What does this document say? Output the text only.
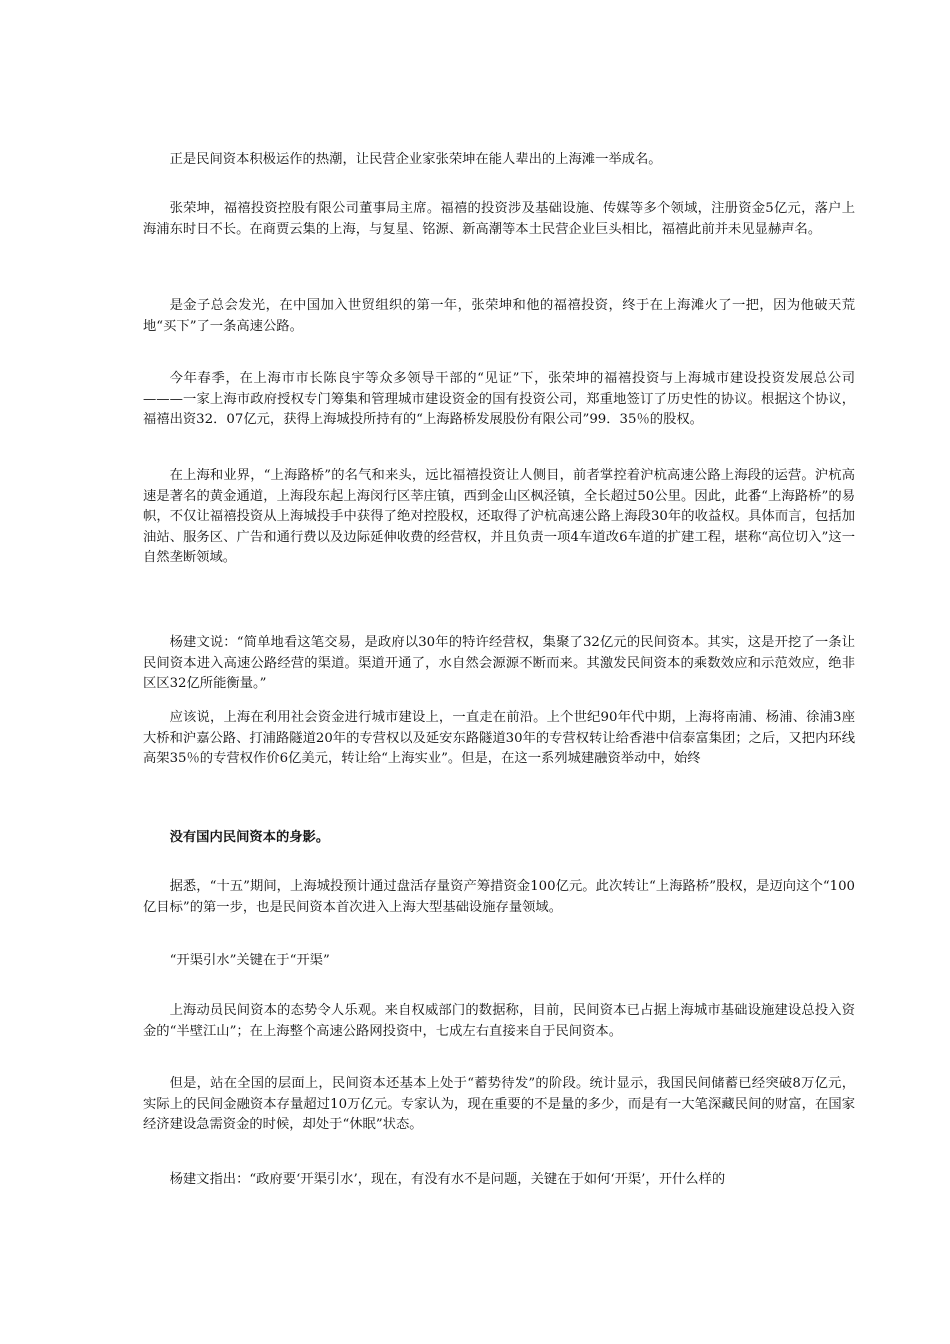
正是民间资本积极运作的热潮，让民营企业家张荣坤在能人辈出的上海滩一举成名。

张荣坤，福禧投资控股有限公司董事局主席。福禧的投资涉及基础设施、传媒等多个领域，注册资金5亿元，落户上海浦东时日不长。在商贾云集的上海，与复星、铭源、新高潮等本土民营企业巨头相比，福禧此前并未见显赫声名。

是金子总会发光，在中国加入世贸组织的第一年，张荣坤和他的福禧投资，终于在上海滩火了一把，因为他破天荒地“买下”了一条高速公路。

今年春季，在上海市市长陈良宇等众多领导干部的“见证”下，张荣坤的福禧投资与上海城市建设投资发展总公司———一家上海市政府授权专门筹集和管理城市建设资金的国有投资公司，郑重地签订了历史性的协议。根据这个协议，福禧出资32．07亿元，获得上海城投所持有的“上海路桥发展股份有限公司”99．35％的股权。

在上海和业界，“上海路桥”的名气和来头，远比福禧投资让人侧目，前者掌控着沪杭高速公路上海段的运营。沪杭高速是著名的黄金通道，上海段东起上海闵行区莘庄镇，西到金山区枫泾镇，全长超过50公里。因此，此番“上海路桥”的易帜，不仅让福禧投资从上海城投手中获得了绝对控股权，还取得了沪杭高速公路上海段30年的收益权。具体而言，包括加油站、服务区、广告和通行费以及边际延伸收费的经营权，并且负责一项4车道改6车道的扩建工程，堪称“高位切入”这一自然垄断领域。

杨建文说：“简单地看这笔交易，是政府以30年的特许经营权，集聚了32亿元的民间资本。其实，这是开挖了一条让民间资本进入高速公路经营的渠道。渠道开通了，水自然会源源不断而来。其激发民间资本的乘数效应和示范效应，绝非区区32亿所能衡量。”

应该说，上海在利用社会资金进行城市建设上，一直走在前沿。上个世纪90年代中期，上海将南浦、杨浦、徐浦3座大桥和沪嘉公路、打浦路隧道20年的专营权以及延安东路隧道30年的专营权转让给香港中信泰富集团；之后，又把内环线高架35％的专营权作价6亿美元，转让给“上海实业”。但是，在这一系列城建融资举动中，始终

没有国内民间资本的身影。

据悉，“十五”期间，上海城投预计通过盘活存量资产筹措资金100亿元。此次转让“上海路桥”股权，是迈向这个“100亿目标”的第一步，也是民间资本首次进入上海大型基础设施存量领域。

“开渠引水”关键在于“开渠”

上海动员民间资本的态势令人乐观。来自权威部门的数据称，目前，民间资本已占据上海城市基础设施建设总投入资金的“半壁江山”；在上海整个高速公路网投资中，七成左右直接来自于民间资本。

但是，站在全国的层面上，民间资本还基本上处于“蓄势待发”的阶段。统计显示，我国民间储蓄已经突破8万亿元，实际上的民间金融资本存量超过10万亿元。专家认为，现在重要的不是量的多少，而是有一大笔深藏民间的财富，在国家经济建设急需资金的时候，却处于“休眠”状态。

杨建文指出：“政府要‘开渠引水’，现在，有没有水不是问题，关键在于如何‘开渠’，开什么样的
